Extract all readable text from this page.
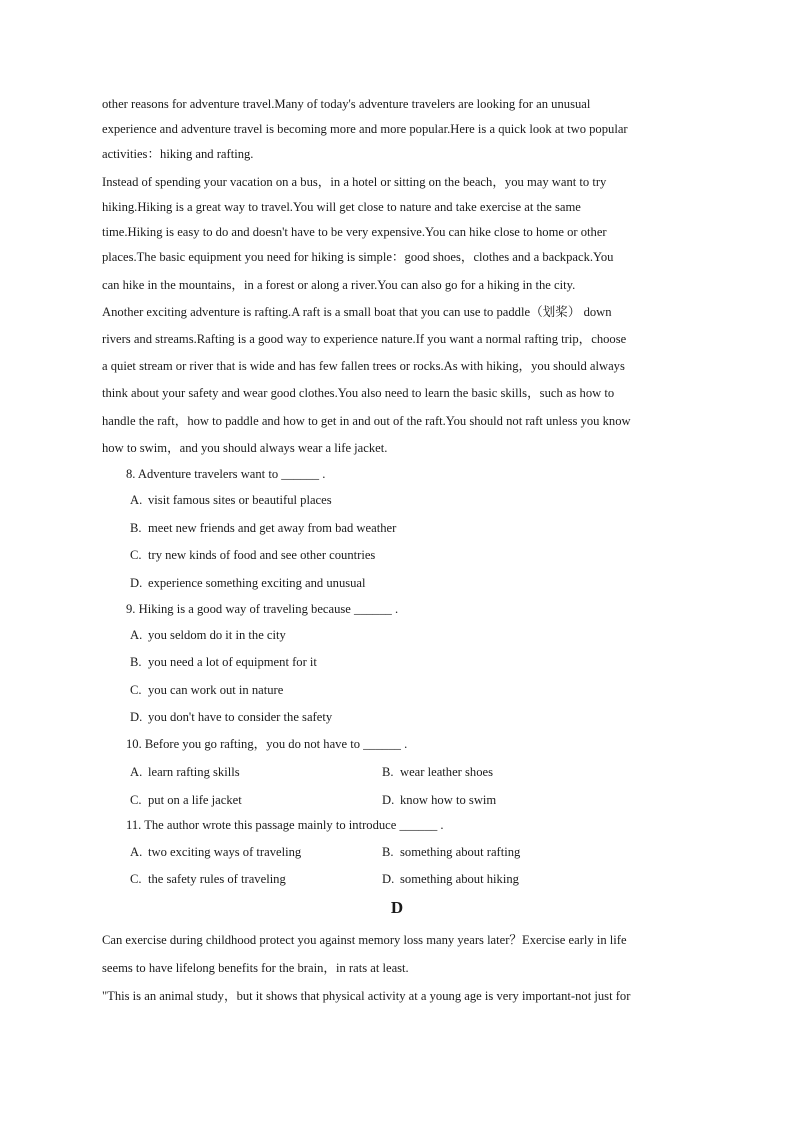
other reasons for adventure travel.Many of today's adventure travelers are looking for an unusual
experience and adventure travel is becoming more and more popular.Here is a quick look at two popular
activities：hiking and rafting.
Instead of spending your vacation on a bus，in a hotel or sitting on the beach，you may want to try
hiking.Hiking is a great way to travel.You will get close to nature and take exercise at the same
time.Hiking is easy to do and doesn't have to be very expensive.You can hike close to home or other
places.The basic equipment you need for hiking is simple：good shoes，clothes and a backpack.You
can hike in the mountains，in a forest or along a river.You can also go for a hiking in the city.
Another exciting adventure is rafting.A raft is a small boat that you can use to paddle（划桨） down
rivers and streams.Rafting is a good way to experience nature.If you want a normal rafting trip，choose
a quiet stream or river that is wide and has few fallen trees or rocks.As with hiking，you should always
think about your safety and wear good clothes.You also need to learn the basic skills，such as how to
handle the raft，how to paddle and how to get in and out of the raft.You should not raft unless you know
how to swim，and you should always wear a life jacket.
8. Adventure travelers want to ______ .
A. visit famous sites or beautiful places
B. meet new friends and get away from bad weather
C. try new kinds of food and see other countries
D. experience something exciting and unusual
9. Hiking is a good way of traveling because ______ .
A. you seldom do it in the city
B. you need a lot of equipment for it
C. you can work out in nature
D. you don't have to consider the safety
10. Before you go rafting，you do not have to ______ .
A. learn rafting skills	B. wear leather shoes
C. put on a life jacket	D. know how to swim
11. The author wrote this passage mainly to introduce ______ .
A. two exciting ways of traveling	B. something about rafting
C. the safety rules of traveling	D. something about hiking
D
Can exercise during childhood protect you against memory loss many years later？Exercise early in life
seems to have lifelong benefits for the brain，in rats at least.
"This is an animal study，but it shows that physical activity at a young age is very important-not just for
